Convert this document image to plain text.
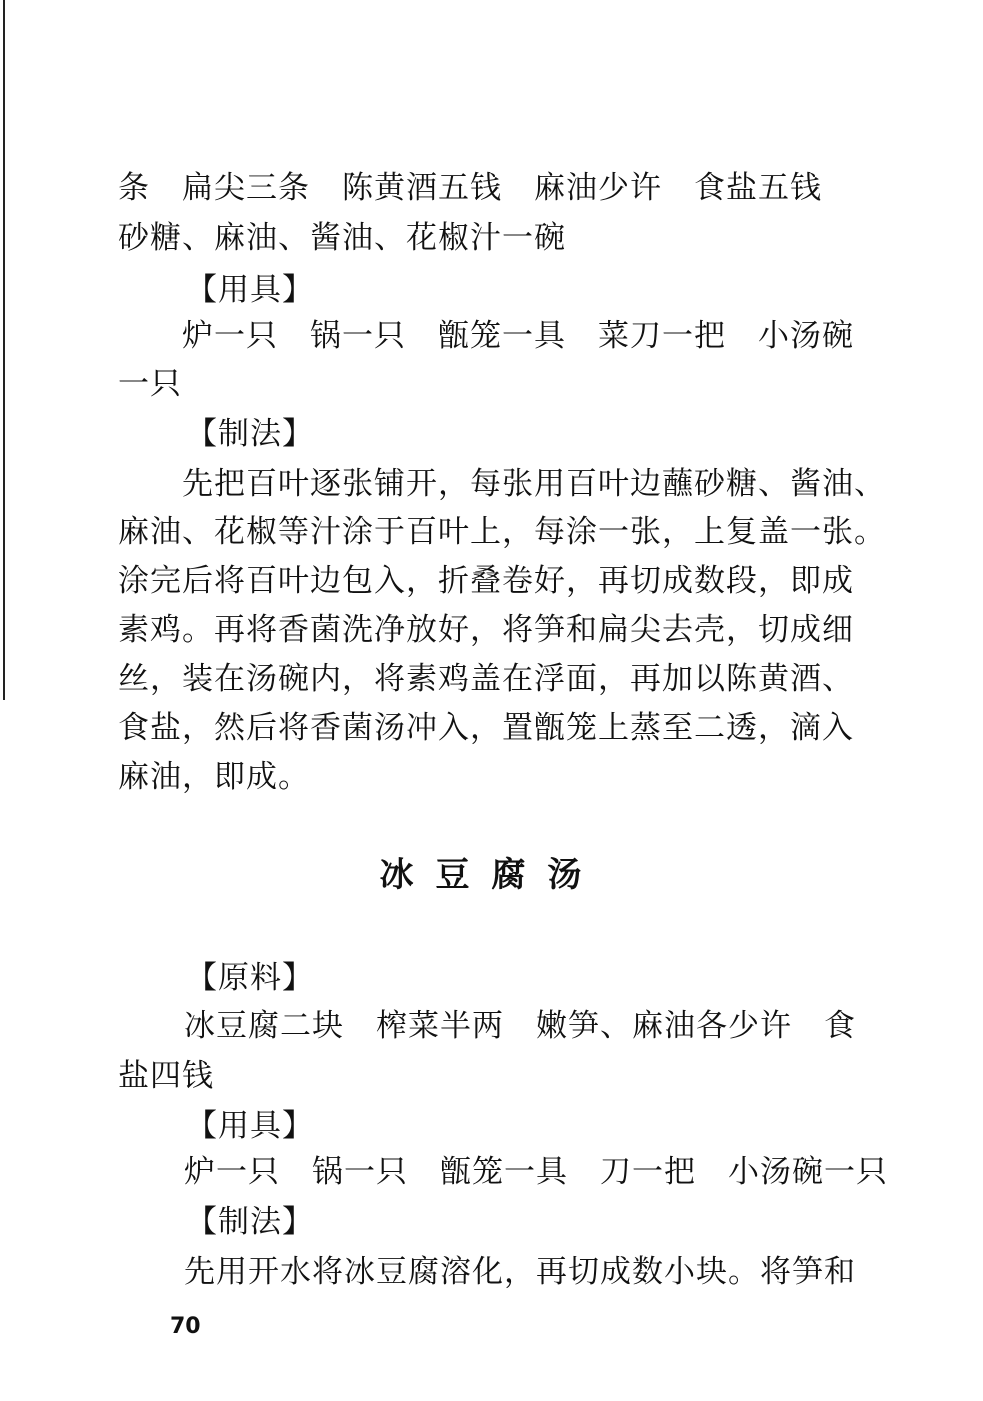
条　扁尖三条　陈黄酒五钱　麻油少许　食盐五钱
砂糖、麻油、酱油、花椒汁一碗
【用具】
炉一只　锅一只　甑笼一具　菜刀一把　小汤碗
一只
【制法】
先把百叶逐张铺开，每张用百叶边蘸砂糖、酱油、
麻油、花椒等汁涂于百叶上，每涂一张，上复盖一张。
涂完后将百叶边包入，折叠卷好，再切成数段，即成
素鸡。再将香菌洗净放好，将笋和扁尖去壳，切成细
丝，装在汤碗内，将素鸡盖在浮面，再加以陈黄酒、
食盐，然后将香菌汤冲入，置甑笼上蒸至二透，滴入
麻油，即成。
冰豆腐汤
【原料】
冰豆腐二块　榨菜半两　嫩笋、麻油各少许　食
盐四钱
【用具】
炉一只　锅一只　甑笼一具　刀一把　小汤碗一只
【制法】
先用开水将冰豆腐溶化，再切成数小块。将笋和
70
